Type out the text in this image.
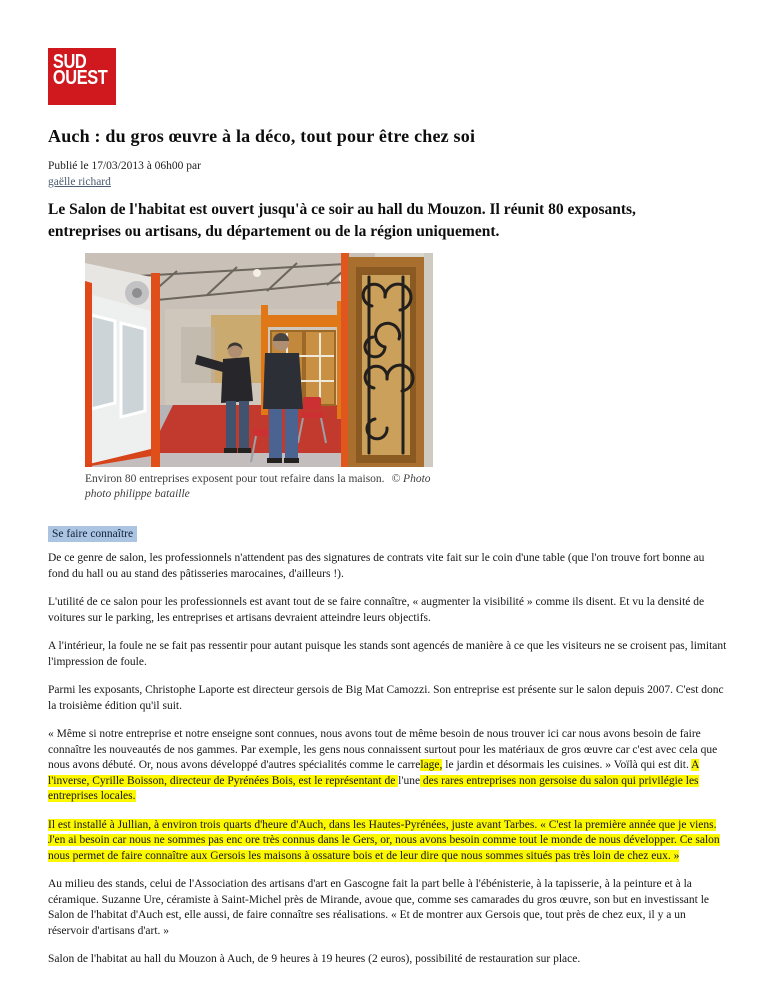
SUD
OUEST
Auch : du gros œuvre à la déco, tout pour être chez soi
Publié le 17/03/2013 à 06h00 par
gaëlle richard
Le Salon de l'habitat est ouvert jusqu'à ce soir au hall du Mouzon. Il réunit 80 exposants, entreprises ou artisans, du département ou de la région uniquement.
Environ 80 entreprises exposent pour tout refaire dans la maison. © Photo
photo philippe bataille
Se faire connaître

De ce genre de salon, les professionnels n'attendent pas des signatures de contrats vite fait sur le coin d'une table (que l'on trouve fort bonne au fond du hall ou au stand des pâtisseries marocaines, d'ailleurs !).

L'utilité de ce salon pour les professionnels est avant tout de se faire connaître, « augmenter la visibilité » comme ils disent. Et vu la densité de voitures sur le parking, les entreprises et artisans devraient atteindre leurs objectifs.

A l'intérieur, la foule ne se fait pas ressentir pour autant puisque les stands sont agencés de manière à ce que les visiteurs ne se croisent pas, limitant l'impression de foule.

Parmi les exposants, Christophe Laporte est directeur gersois de Big Mat Camozzi. Son entreprise est présente sur le salon depuis 2007. C'est donc la troisième édition qu'il suit.

« Même si notre entreprise et notre enseigne sont connues, nous avons tout de même besoin de nous trouver ici car nous avons besoin de faire connaître les nouveautés de nos gammes. Par exemple, les gens nous connaissent surtout pour les matériaux de gros œuvre car c'est avec cela que nous avons débuté. Or, nous avons développé d'autres spécialités comme le carrelage, le jardin et désormais les cuisines. » Voïlà qui est dit. A l'inverse, Cyrille Boisson, directeur de Pyrénées Bois, est le représentant de l'une des rares entreprises non gersoise du salon qui privilégie les entreprises locales.

Il est installé à Jullian, à environ trois quarts d'heure d'Auch, dans les Hautes-Pyrénées, juste avant Tarbes. « C'est la première année que je viens. J'en ai besoin car nous ne sommes pas enc ore très connus dans le Gers, or, nous avons besoin comme tout le monde de nous développer. Ce salon nous permet de faire connaître aux Gersois les maisons à ossature bois et de leur dire que nous sommes situés pas très loin de chez eux. »

Au milieu des stands, celui de l'Association des artisans d'art en Gascogne fait la part belle à l'ébénisterie, à la tapisserie, à la peinture et à la céramique. Suzanne Ure, céramiste à Saint-Michel près de Mirande, avoue que, comme ses camarades du gros œuvre, son but en investissant le Salon de l'habitat d'Auch est, elle aussi, de faire connaître ses réalisations. « Et de montrer aux Gersois que, tout près de chez eux, il y a un réservoir d'artisans d'art. »

Salon de l'habitat au hall du Mouzon à Auch, de 9 heures à 19 heures (2 euros), possibilité de restauration sur place.
